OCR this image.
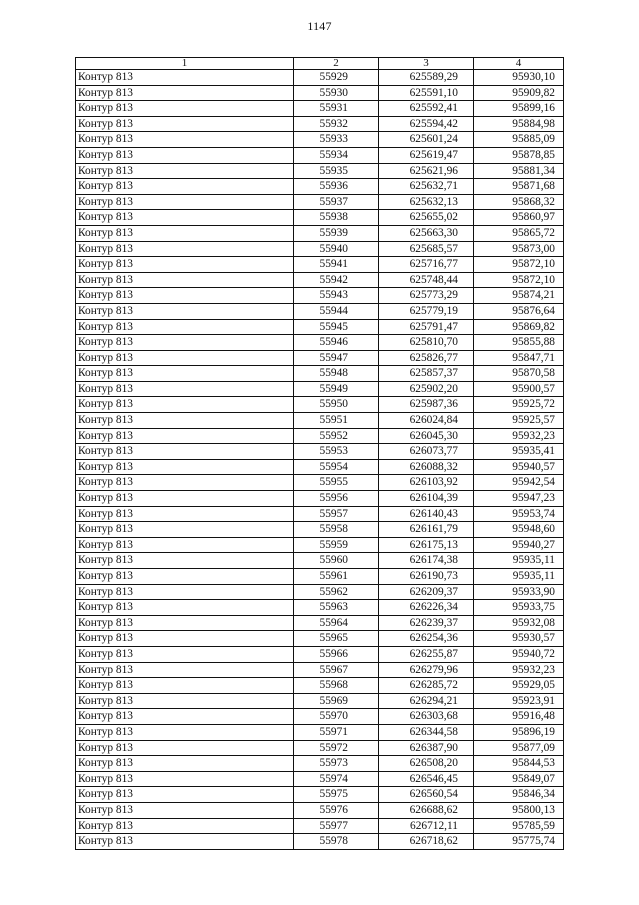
1147
1	2	3	4
Контур 813	55929	625589,29	95930,10
Контур 813	55930	625591,10	95909,82
Контур 813	55931	625592,41	95899,16
Контур 813	55932	625594,42	95884,98
Контур 813	55933	625601,24	95885,09
Контур 813	55934	625619,47	95878,85
Контур 813	55935	625621,96	95881,34
Контур 813	55936	625632,71	95871,68
Контур 813	55937	625632,13	95868,32
Контур 813	55938	625655,02	95860,97
Контур 813	55939	625663,30	95865,72
Контур 813	55940	625685,57	95873,00
Контур 813	55941	625716,77	95872,10
Контур 813	55942	625748,44	95872,10
Контур 813	55943	625773,29	95874,21
Контур 813	55944	625779,19	95876,64
Контур 813	55945	625791,47	95869,82
Контур 813	55946	625810,70	95855,88
Контур 813	55947	625826,77	95847,71
Контур 813	55948	625857,37	95870,58
Контур 813	55949	625902,20	95900,57
Контур 813	55950	625987,36	95925,72
Контур 813	55951	626024,84	95925,57
Контур 813	55952	626045,30	95932,23
Контур 813	55953	626073,77	95935,41
Контур 813	55954	626088,32	95940,57
Контур 813	55955	626103,92	95942,54
Контур 813	55956	626104,39	95947,23
Контур 813	55957	626140,43	95953,74
Контур 813	55958	626161,79	95948,60
Контур 813	55959	626175,13	95940,27
Контур 813	55960	626174,38	95935,11
Контур 813	55961	626190,73	95935,11
Контур 813	55962	626209,37	95933,90
Контур 813	55963	626226,34	95933,75
Контур 813	55964	626239,37	95932,08
Контур 813	55965	626254,36	95930,57
Контур 813	55966	626255,87	95940,72
Контур 813	55967	626279,96	95932,23
Контур 813	55968	626285,72	95929,05
Контур 813	55969	626294,21	95923,91
Контур 813	55970	626303,68	95916,48
Контур 813	55971	626344,58	95896,19
Контур 813	55972	626387,90	95877,09
Контур 813	55973	626508,20	95844,53
Контур 813	55974	626546,45	95849,07
Контур 813	55975	626560,54	95846,34
Контур 813	55976	626688,62	95800,13
Контур 813	55977	626712,11	95785,59
Контур 813	55978	626718,62	95775,74
